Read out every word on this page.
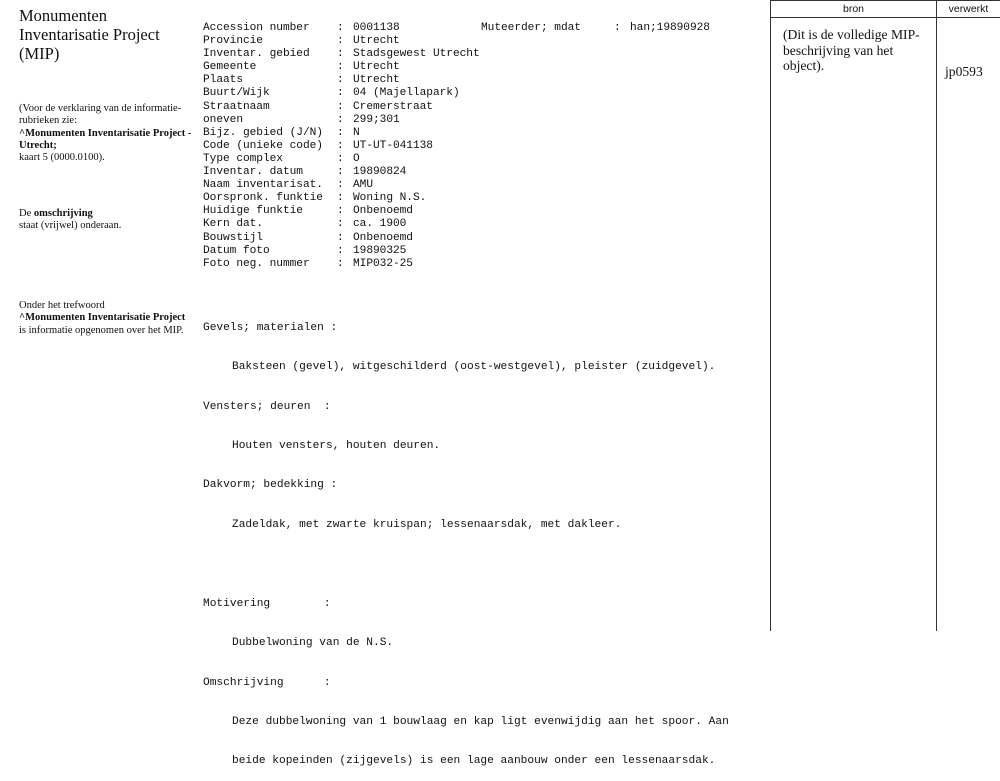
Monumenten Inventarisatie Project (MIP)
(Voor de verklaring van de informatie-rubrieken zie:
^Monumenten Inventarisatie Project - Utrecht;
kaart 5 (0000.0100).
De omschrijving
staat (vrijwel) onderaan.
Onder het trefwoord
^Monumenten Inventarisatie Project is informatie opgenomen over het MIP.
Accession number	: 0001138	Muteerder; mdat	: han;19890928
Provincie	: Utrecht
Inventar. gebied	: Stadsgewest Utrecht
Gemeente	: Utrecht
Plaats	: Utrecht
Buurt/Wijk	: 04 (Majellapark)
Straatnaam	: Cremerstraat
oneven	: 299;301
Bijz. gebied (J/N)	: N
Code (unieke code)	: UT-UT-041138
Type complex	: O
Inventar. datum	: 19890824
Naam inventarisat.	: AMU
Oorspronk. funktie	: Woning N.S.
Huidige funktie	: Onbenoemd
Kern dat.	: ca. 1900
Bouwstijl	: Onbenoemd
Datum foto	: 19890325
Foto neg. nummer	: MIP032-25

Gevels; materialen :

Baksteen (gevel), witgeschilderd (oost-westgevel), pleister (zuidgevel).

Vensters; deuren  :

Houten vensters, houten deuren.

Dakvorm; bedekking :

Zadeldak, met zwarte kruispan; lessenaarsdak, met dakleer.

Motivering        :

Dubbelwoning van de N.S.

Omschrijving      :

Deze dubbelwoning van 1 bouwlaag en kap ligt evenwijdig aan het spoor. Aan

beide kopeinden (zijgevels) is een lage aanbouw onder een lessenaarsdak.

bron	verwerkt
(Dit is de volledige MIP-beschrijving van het object).	jp0593
